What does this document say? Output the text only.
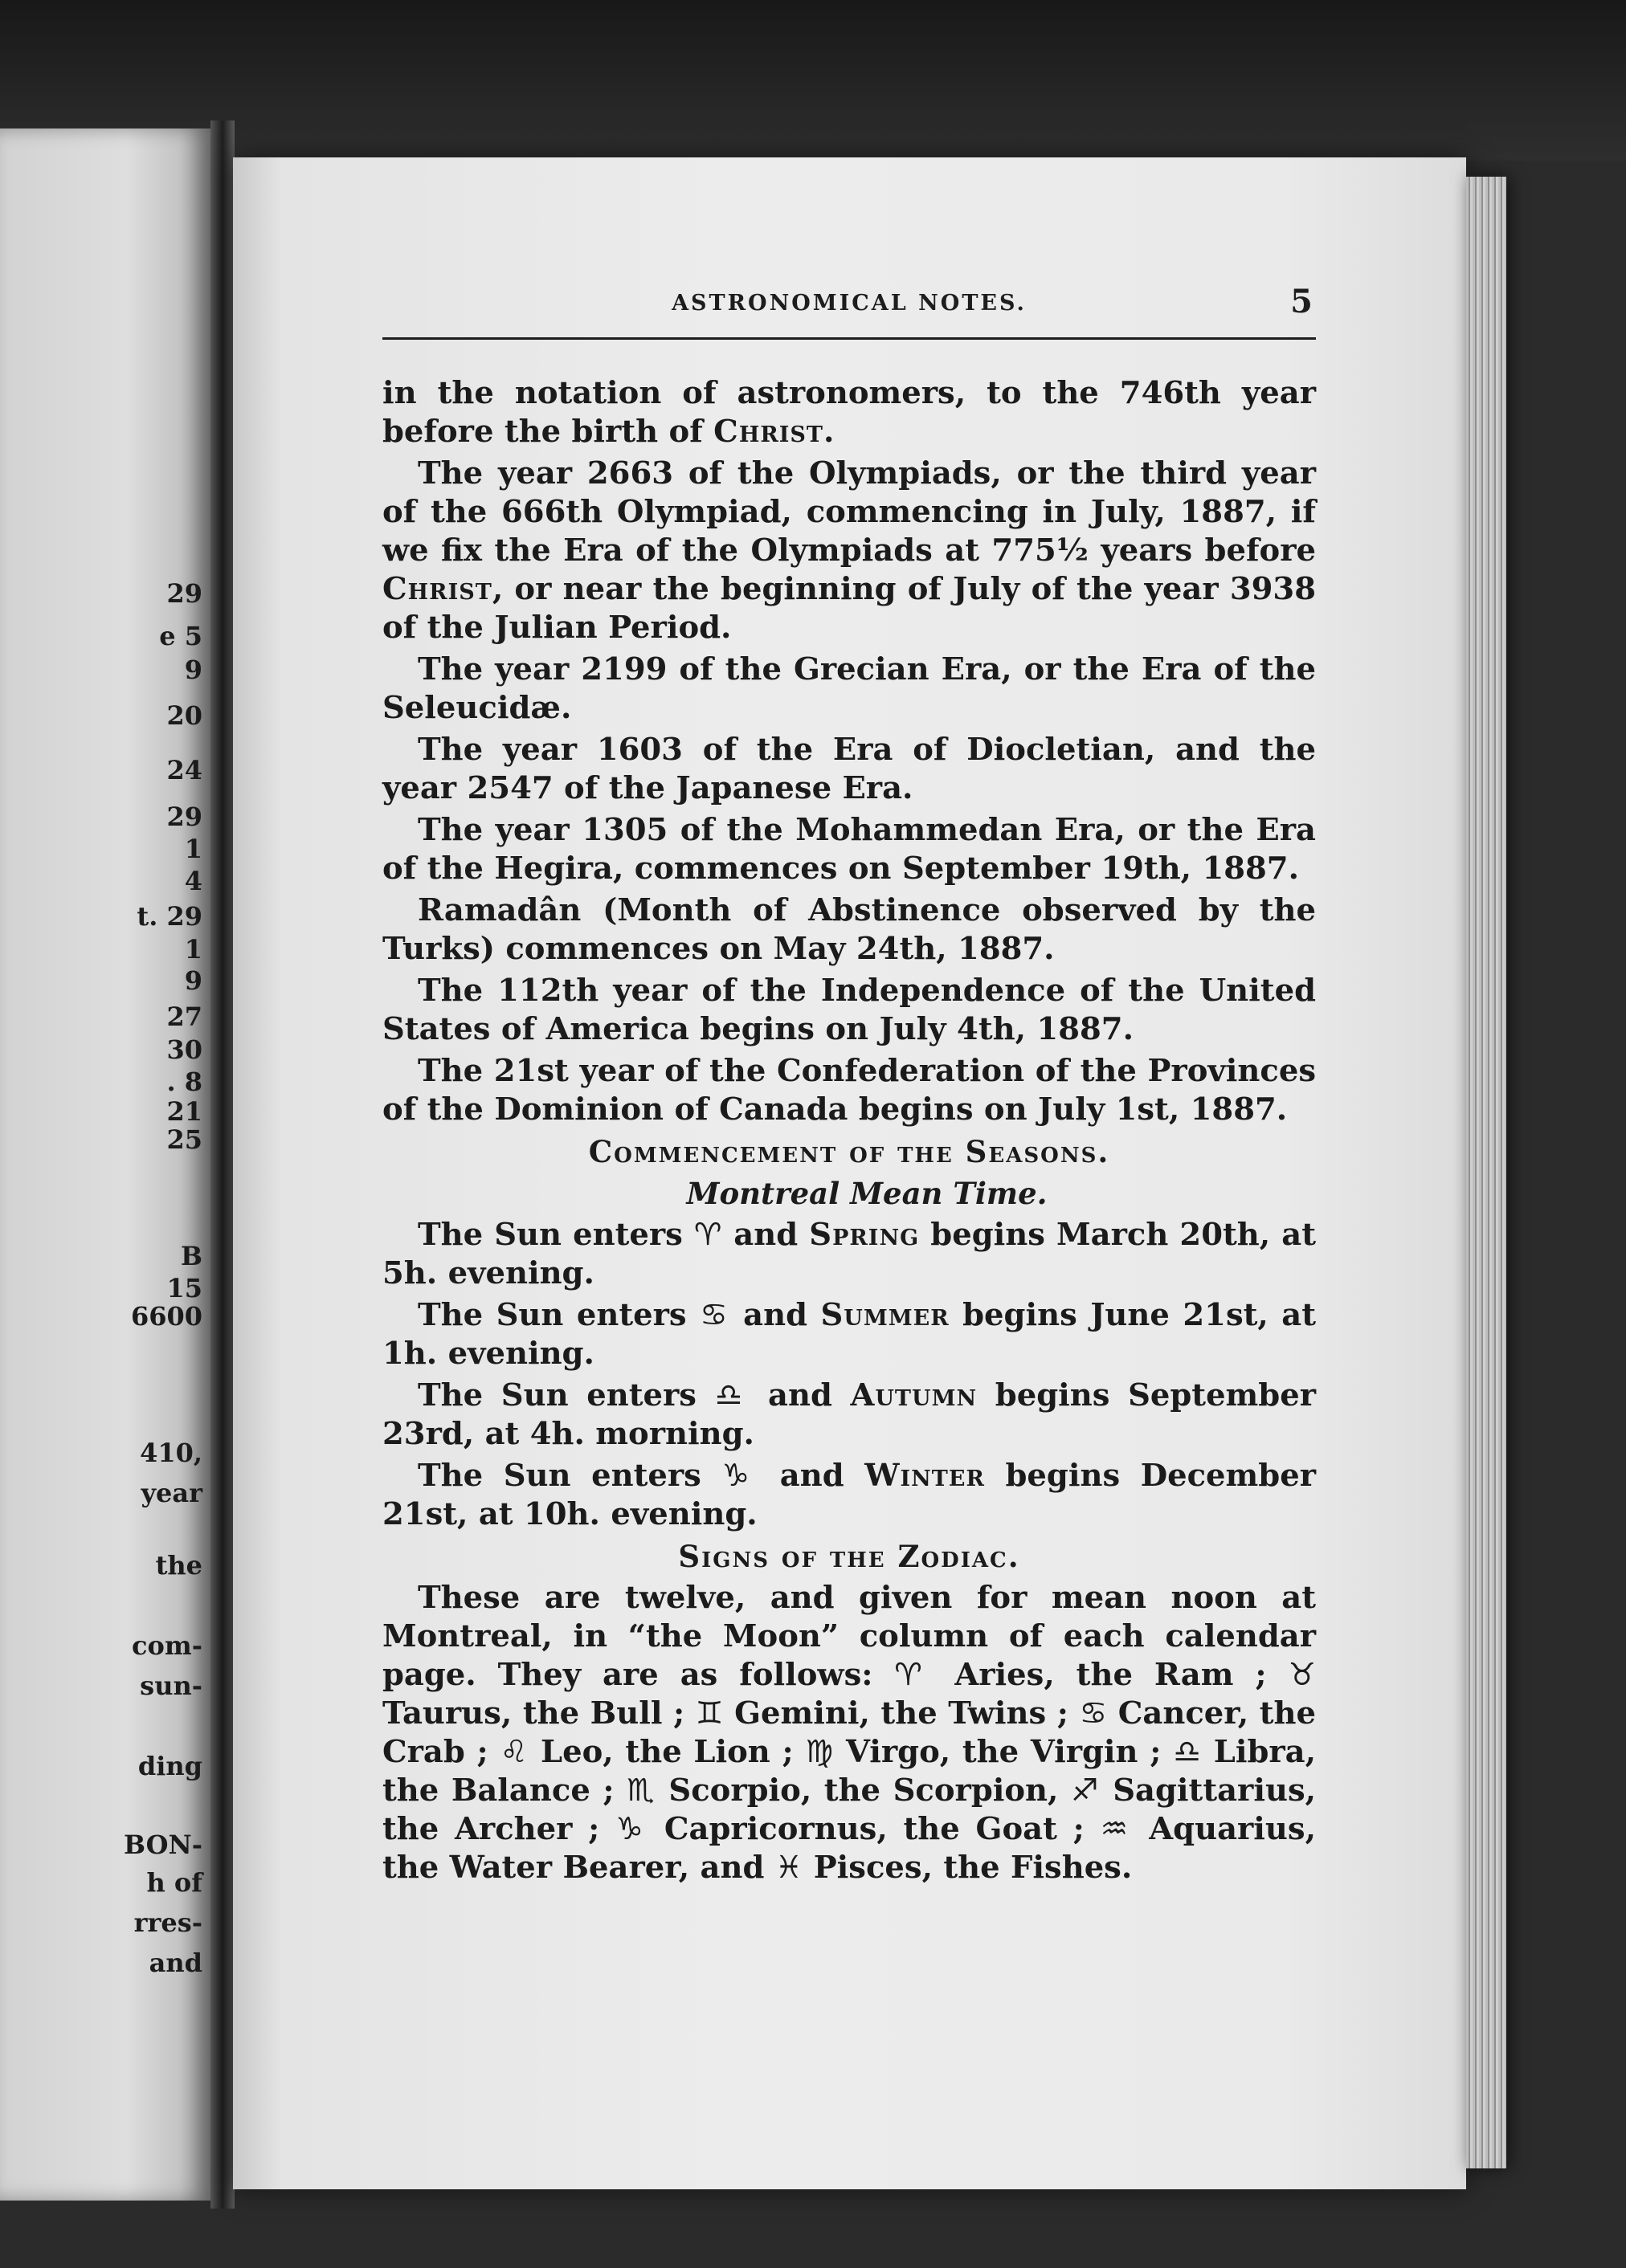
29
e 5
9
20
24
29
1
4
t. 29
1
9
27
30
. 8
21
25
B
15
6600
410,
year
the
com-
sun-
ding
BON-
h of
rres-
and
ASTRONOMICAL NOTES.	5

in the notation of astronomers, to the 746th year before the birth of Christ.

The year 2663 of the Olympiads, or the third year of the 666th Olympiad, commencing in July, 1887, if we fix the Era of the Olympiads at 775½ years before Christ, or near the beginning of July of the year 3938 of the Julian Period.

The year 2199 of the Grecian Era, or the Era of the Seleucidæ.

The year 1603 of the Era of Diocletian, and the year 2547 of the Japanese Era.

The year 1305 of the Mohammedan Era, or the Era of the Hegira, commences on September 19th, 1887.

Ramadân (Month of Abstinence observed by the Turks) commences on May 24th, 1887.

The 112th year of the Independence of the United States of America begins on July 4th, 1887.

The 21st year of the Confederation of the Provinces of the Dominion of Canada begins on July 1st, 1887.

Commencement of the Seasons.

Montreal Mean Time.

The Sun enters ♈ and Spring begins March 20th, at 5h. evening.

The Sun enters ♋ and Summer begins June 21st, at 1h. evening.

The Sun enters ♎ and Autumn begins September 23rd, at 4h. morning.

The Sun enters ♑ and Winter begins December 21st, at 10h. evening.

Signs of the Zodiac.

These are twelve, and given for mean noon at Montreal, in “the Moon” column of each calendar page. They are as follows: ♈ Aries, the Ram ; ♉ Taurus, the Bull ; ♊ Gemini, the Twins ; ♋ Cancer, the Crab ; ♌ Leo, the Lion ; ♍ Virgo, the Virgin ; ♎ Libra, the Balance ; ♏ Scorpio, the Scorpion, ♐ Sagittarius, the Archer ; ♑ Capricornus, the Goat ; ♒ Aquarius, the Water Bearer, and ♓ Pisces, the Fishes.
